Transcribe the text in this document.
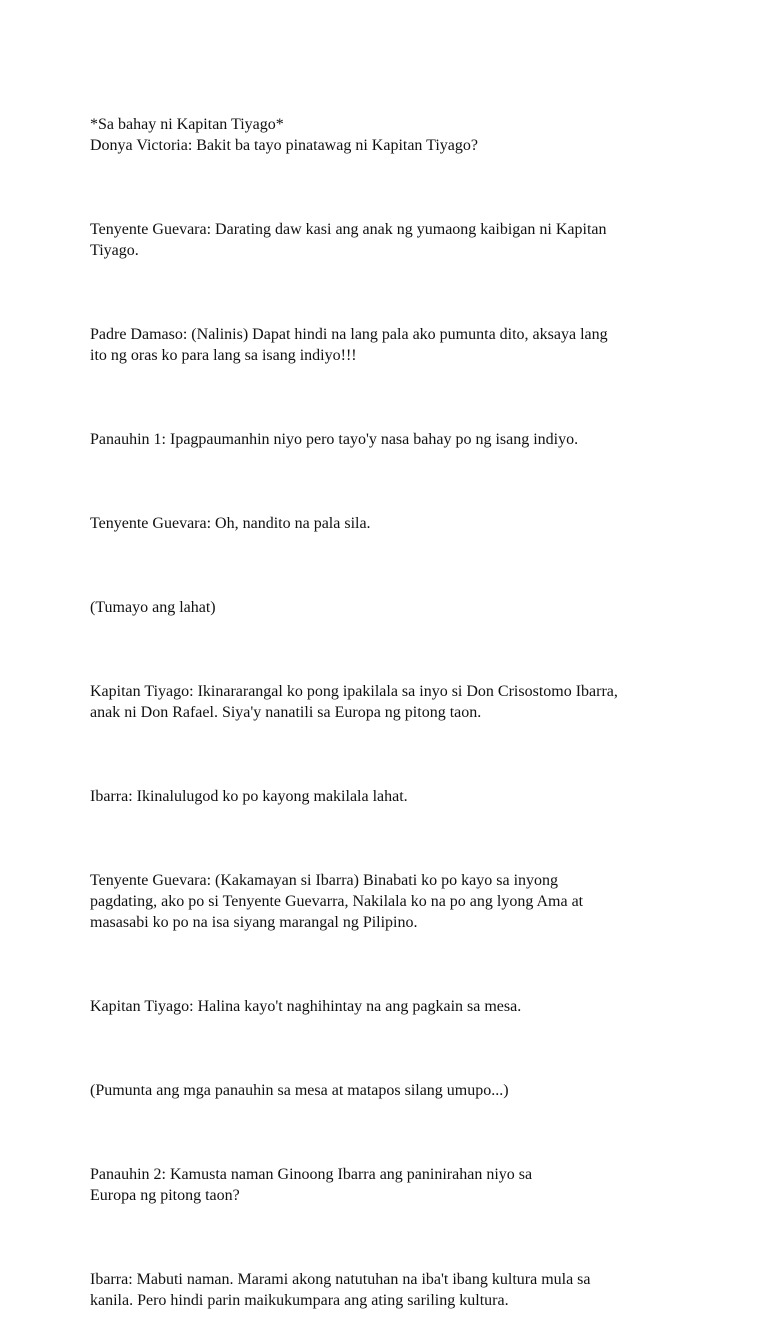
*Sa bahay ni Kapitan Tiyago*
Donya Victoria: Bakit ba tayo pinatawag ni Kapitan Tiyago?

Tenyente Guevara: Darating daw kasi ang anak ng yumaong kaibigan ni Kapitan
Tiyago.

Padre Damaso: (Nalinis) Dapat hindi na lang pala ako pumunta dito, aksaya lang
ito ng oras ko para lang sa isang indiyo!!!

Panauhin 1: Ipagpaumanhin niyo pero tayo'y nasa bahay po ng isang indiyo.

Tenyente Guevara: Oh, nandito na pala sila.

(Tumayo ang lahat)

Kapitan Tiyago: Ikinararangal ko pong ipakilala sa inyo si Don Crisostomo Ibarra,
anak ni Don Rafael. Siya'y nanatili sa Europa ng pitong taon.

Ibarra: Ikinalulugod ko po kayong makilala lahat.

Tenyente Guevara: (Kakamayan si Ibarra) Binabati ko po kayo sa inyong
pagdating, ako po si Tenyente Guevarra, Nakilala ko na po ang lyong Ama at
masasabi ko po na isa siyang marangal ng Pilipino.

Kapitan Tiyago: Halina kayo't naghihintay na ang pagkain sa mesa.

(Pumunta ang mga panauhin sa mesa at matapos silang umupo...)

Panauhin 2: Kamusta naman Ginoong Ibarra ang paninirahan niyo sa
Europa ng pitong taon?

Ibarra: Mabuti naman. Marami akong natutuhan na iba't ibang kultura mula sa
kanila. Pero hindi parin maikukumpara ang ating sariling kultura.
